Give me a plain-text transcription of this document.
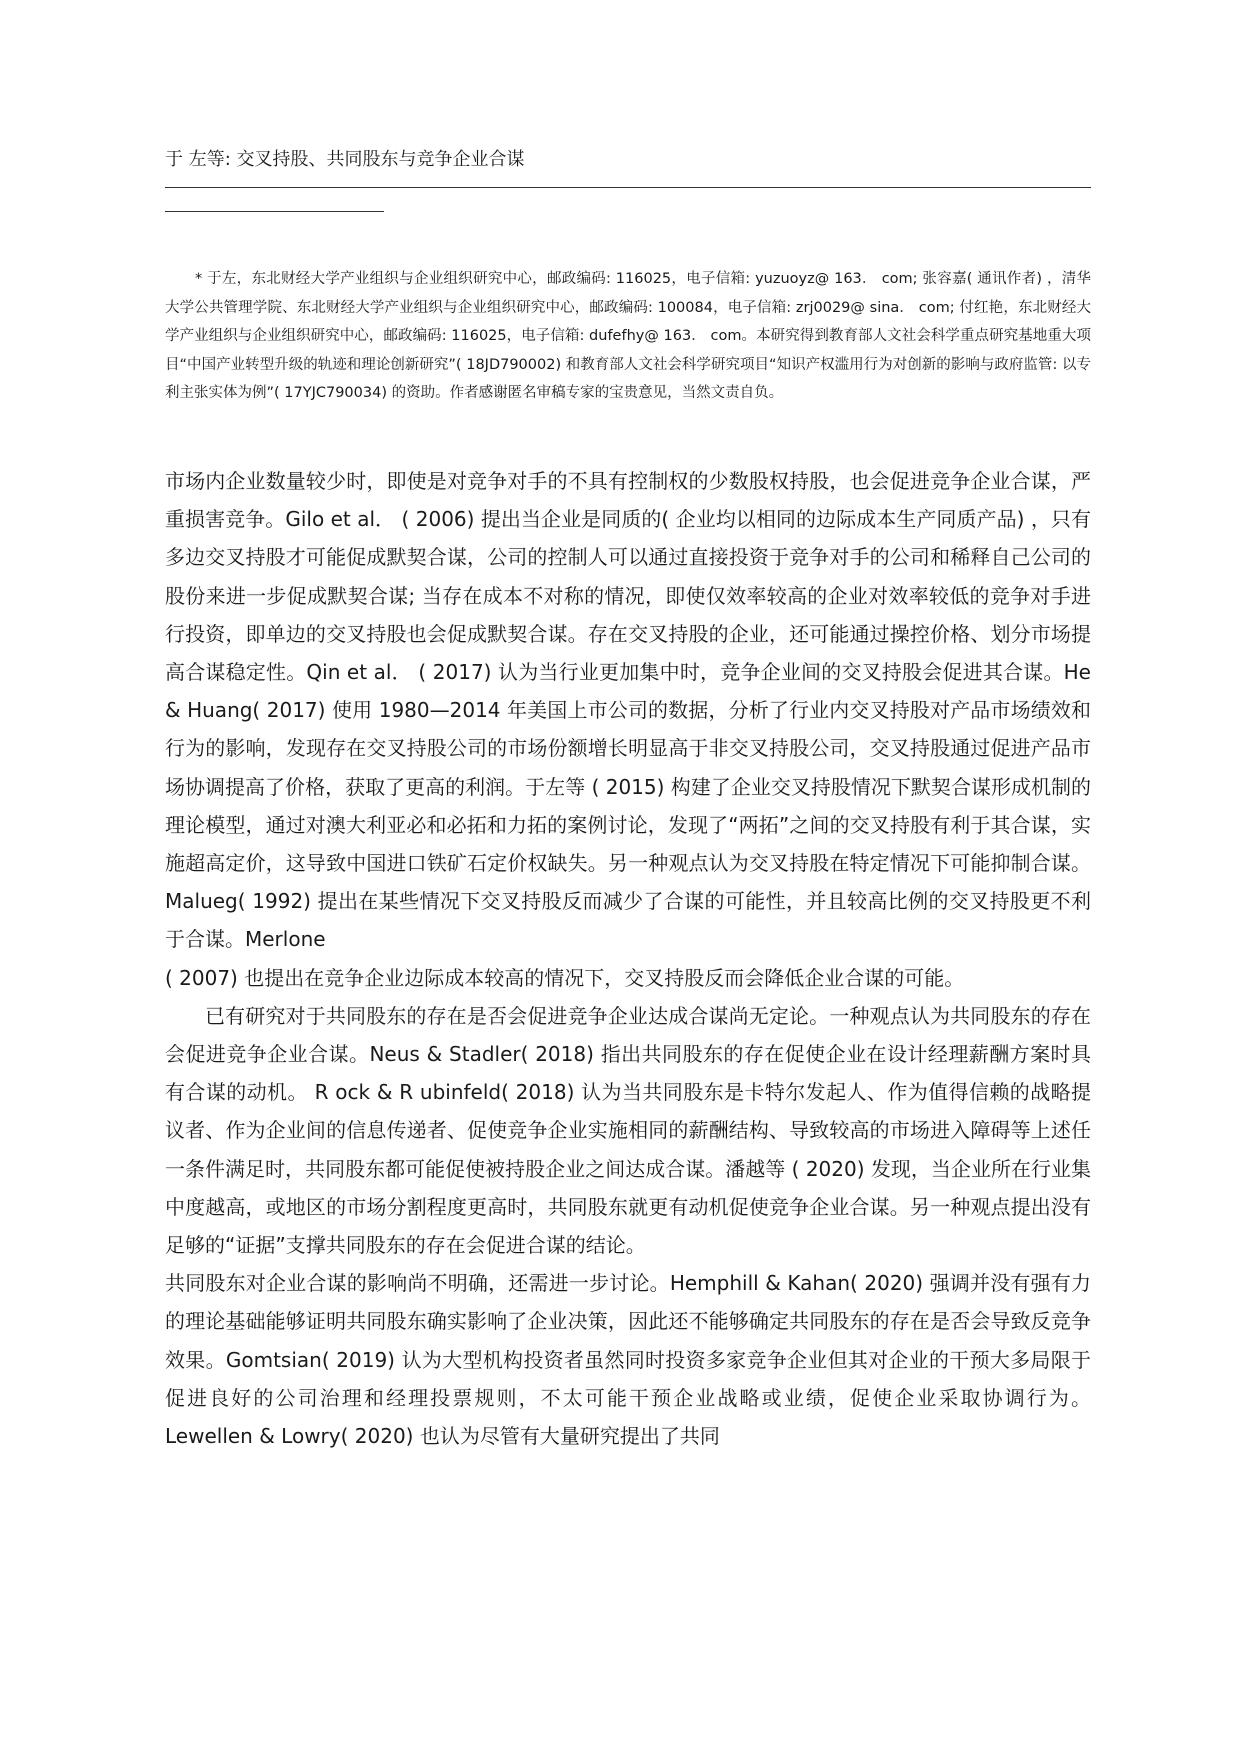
于 左等: 交叉持股、共同股东与竞争企业合谋
* 于左，东北财经大学产业组织与企业组织研究中心，邮政编码: 116025，电子信箱: yuzuoyz@ 163． com; 张容嘉( 通讯作者) ，清华大学公共管理学院、东北财经大学产业组织与企业组织研究中心，邮政编码: 100084，电子信箱: zrj0029@ sina． com; 付红艳，东北财经大学产业组织与企业组织研究中心，邮政编码: 116025，电子信箱: dufefhy@ 163． com。本研究得到教育部人文社会科学重点研究基地重大项目“中国产业转型升级的轨迹和理论创新研究”( 18JD790002) 和教育部人文社会科学研究项目“知识产权滥用行为对创新的影响与政府监管: 以专利主张实体为例”( 17YJC790034) 的资助。作者感谢匿名审稿专家的宝贵意见，当然文责自负。

市场内企业数量较少时，即使是对竞争对手的不具有控制权的少数股权持股，也会促进竞争企业合谋，严重损害竞争。Gilo et al． ( 2006) 提出当企业是同质的( 企业均以相同的边际成本生产同质产品) ，只有多边交叉持股才可能促成默契合谋，公司的控制人可以通过直接投资于竞争对手的公司和稀释自己公司的股份来进一步促成默契合谋; 当存在成本不对称的情况，即使仅效率较高的企业对效率较低的竞争对手进行投资，即单边的交叉持股也会促成默契合谋。存在交叉持股的企业，还可能通过操控价格、划分市场提高合谋稳定性。Qin et al． ( 2017) 认为当行业更加集中时，竞争企业间的交叉持股会促进其合谋。He & Huang( 2017) 使用 1980—2014 年美国上市公司的数据，分析了行业内交叉持股对产品市场绩效和行为的影响，发现存在交叉持股公司的市场份额增长明显高于非交叉持股公司，交叉持股通过促进产品市场协调提高了价格，获取了更高的利润。于左等 ( 2015) 构建了企业交叉持股情况下默契合谋形成机制的理论模型，通过对澳大利亚必和必拓和力拓的案例讨论，发现了“两拓”之间的交叉持股有利于其合谋，实施超高定价，这导致中国进口铁矿石定价权缺失。另一种观点认为交叉持股在特定情况下可能抑制合谋。Malueg( 1992) 提出在某些情况下交叉持股反而减少了合谋的可能性，并且较高比例的交叉持股更不利于合谋。Merlone

( 2007) 也提出在竞争企业边际成本较高的情况下，交叉持股反而会降低企业合谋的可能。

已有研究对于共同股东的存在是否会促进竞争企业达成合谋尚无定论。一种观点认为共同股东的存在会促进竞争企业合谋。Neus & Stadler( 2018) 指出共同股东的存在促使企业在设计经理薪酬方案时具有合谋的动机。 R ock & R ubinfeld( 2018) 认为当共同股东是卡特尔发起人、作为值得信赖的战略提议者、作为企业间的信息传递者、促使竞争企业实施相同的薪酬结构、导致较高的市场进入障碍等上述任一条件满足时，共同股东都可能促使被持股企业之间达成合谋。潘越等 ( 2020) 发现，当企业所在行业集中度越高，或地区的市场分割程度更高时，共同股东就更有动机促使竞争企业合谋。另一种观点提出没有足够的“证据”支撑共同股东的存在会促进合谋的结论。

共同股东对企业合谋的影响尚不明确，还需进一步讨论。Hemphill & Kahan( 2020) 强调并没有强有力的理论基础能够证明共同股东确实影响了企业决策，因此还不能够确定共同股东的存在是否会导致反竞争效果。Gomtsian( 2019) 认为大型机构投资者虽然同时投资多家竞争企业但其对企业的干预大多局限于促进良好的公司治理和经理投票规则，不太可能干预企业战略或业绩，促使企业采取协调行为。Lewellen & Lowry( 2020) 也认为尽管有大量研究提出了共同
